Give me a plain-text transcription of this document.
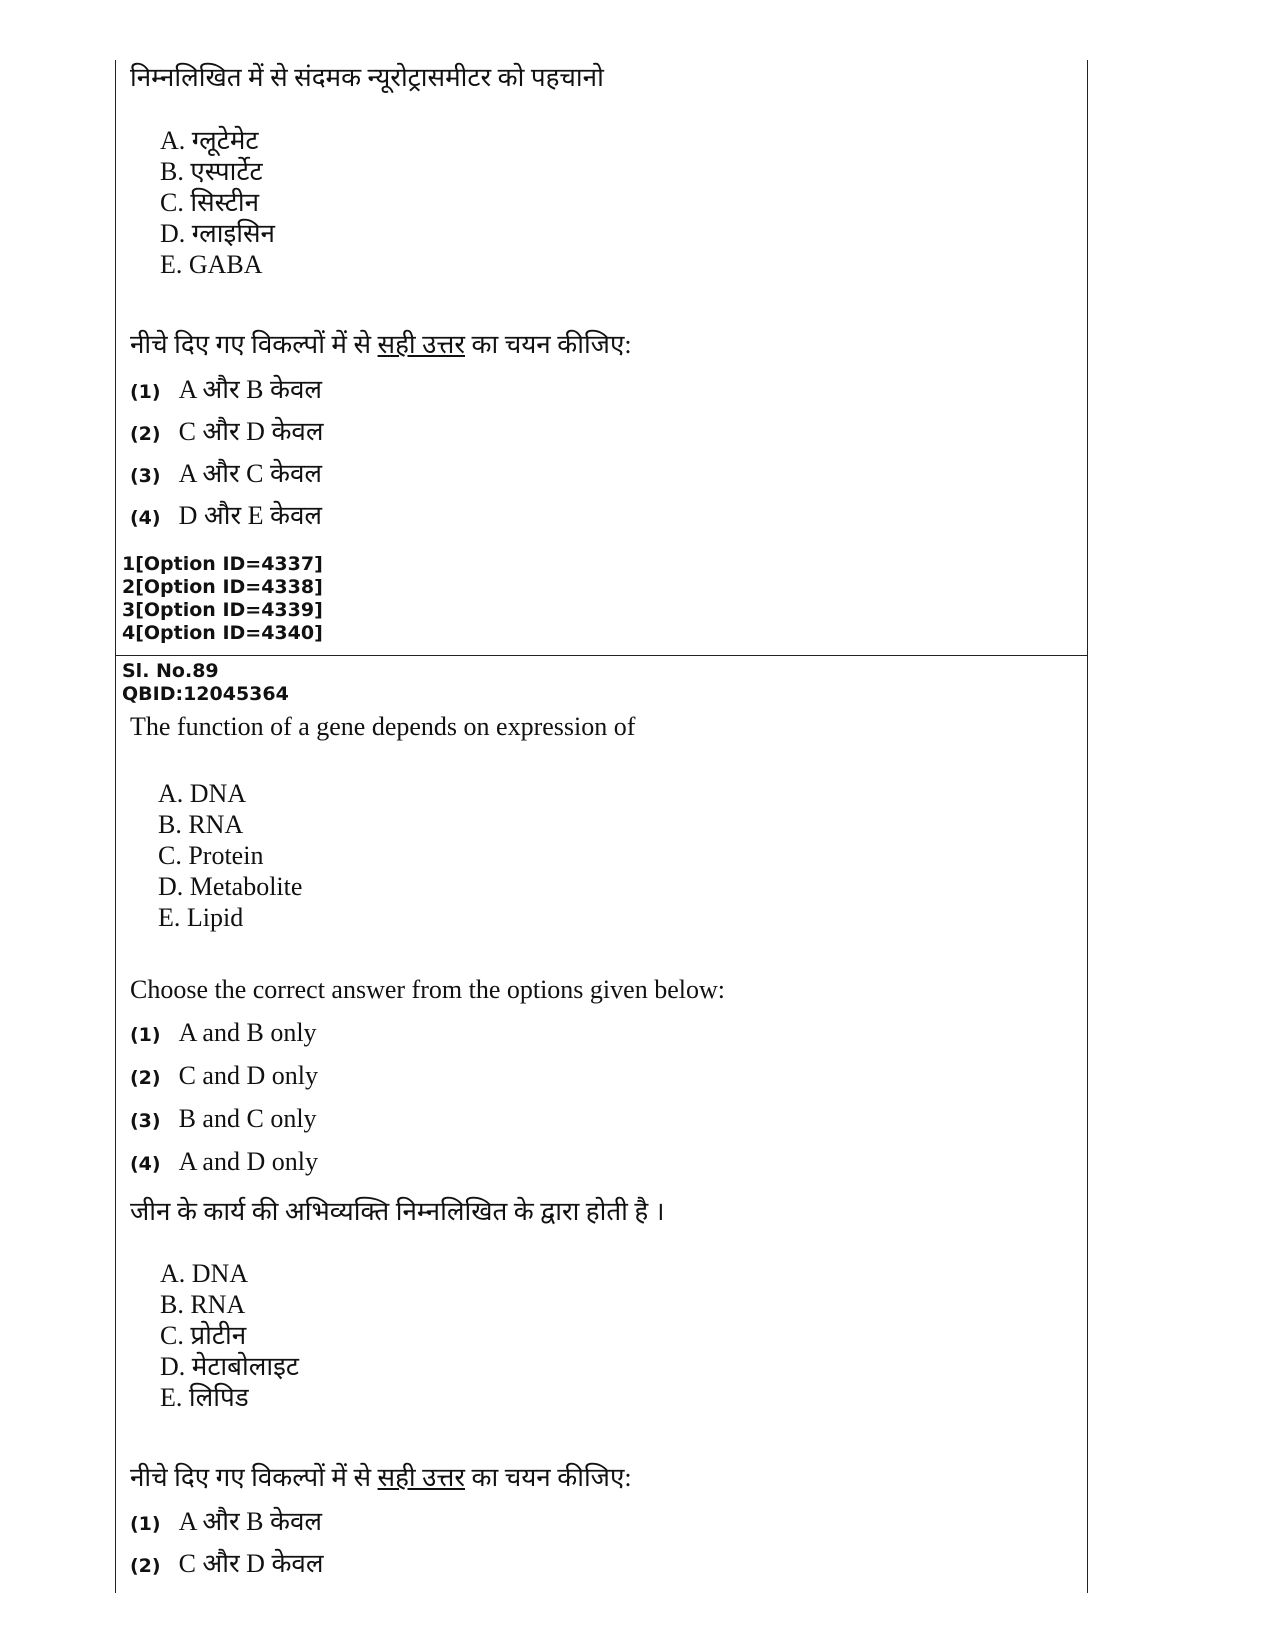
निम्नलिखित में से संदमक न्यूरोट्रासमीटर को पहचानो
A. ग्लूटेमेट
B. एस्पार्टेट
C. सिस्टीन
D. ग्लाइसिन
E. GABA
नीचे दिए गए विकल्पों में से सही उत्तर का चयन कीजिए:
(1) A और B केवल
(2) C और D केवल
(3) A और C केवल
(4) D और E केवल
1[Option ID=4337]
2[Option ID=4338]
3[Option ID=4339]
4[Option ID=4340]
Sl. No.89
QBID:12045364
The function of a gene depends on expression of
A. DNA
B. RNA
C. Protein
D. Metabolite
E. Lipid
Choose the correct answer from the options given below:
(1) A and B only
(2) C and D only
(3) B and C only
(4) A and D only
जीन के कार्य की अभिव्यक्ति निम्नलिखित के द्वारा होती है ।
A. DNA
B. RNA
C. प्रोटीन
D. मेटाबोलाइट
E. लिपिड
नीचे दिए गए विकल्पों में से सही उत्तर का चयन कीजिए:
(1) A और B केवल
(2) C और D केवल
